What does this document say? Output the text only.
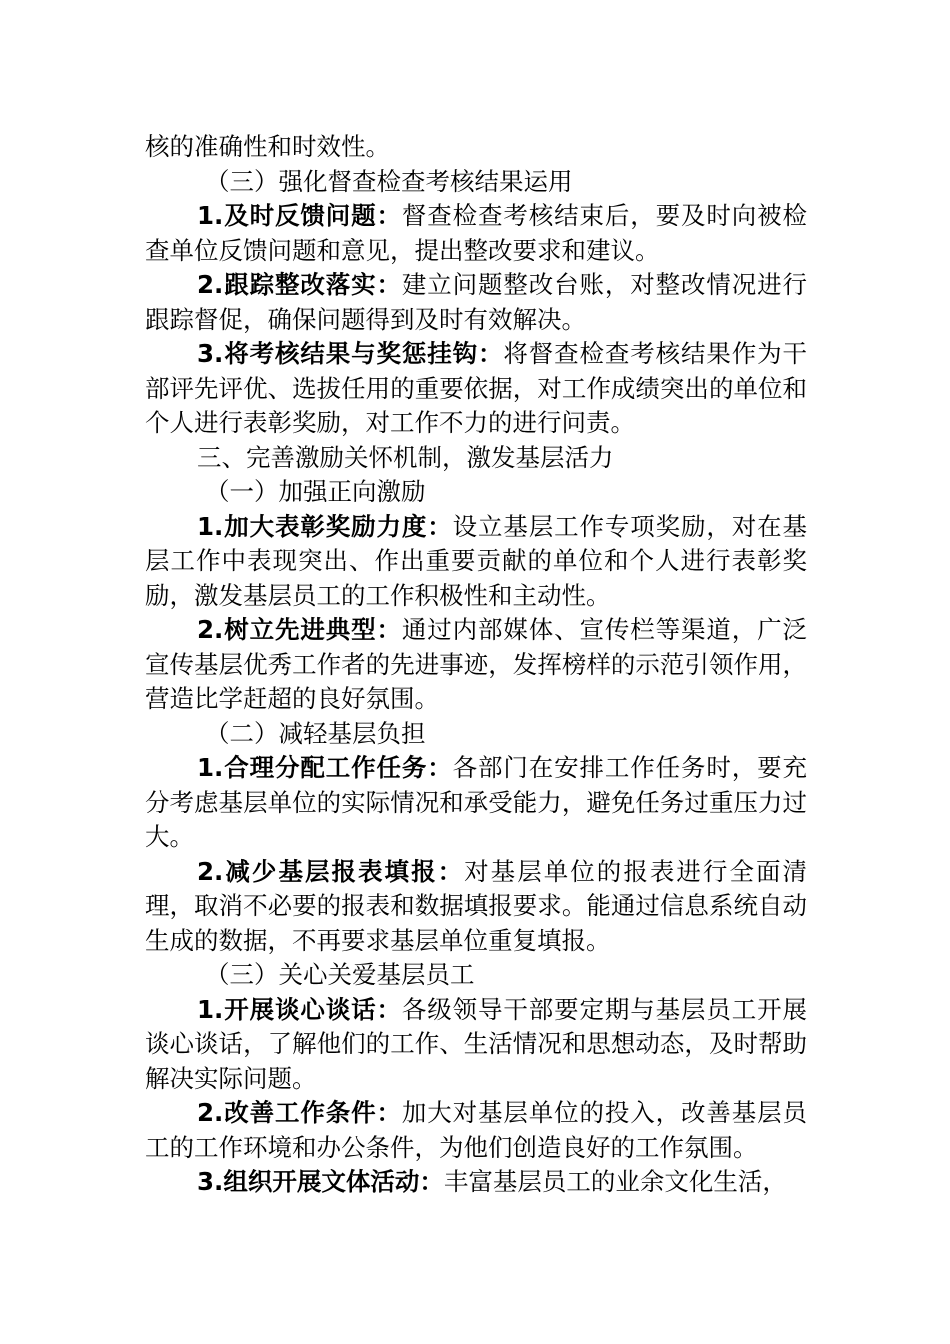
核的准确性和时效性。

（三）强化督查检查考核结果运用

1.及时反馈问题：督查检查考核结束后，要及时向被检查单位反馈问题和意见，提出整改要求和建议。

2.跟踪整改落实：建立问题整改台账，对整改情况进行跟踪督促，确保问题得到及时有效解决。

3.将考核结果与奖惩挂钩：将督查检查考核结果作为干部评先评优、选拔任用的重要依据，对工作成绩突出的单位和个人进行表彰奖励，对工作不力的进行问责。

三、完善激励关怀机制，激发基层活力

（一）加强正向激励

1.加大表彰奖励力度：设立基层工作专项奖励，对在基层工作中表现突出、作出重要贡献的单位和个人进行表彰奖励，激发基层员工的工作积极性和主动性。

2.树立先进典型：通过内部媒体、宣传栏等渠道，广泛宣传基层优秀工作者的先进事迹，发挥榜样的示范引领作用，营造比学赶超的良好氛围。

（二）减轻基层负担

1.合理分配工作任务：各部门在安排工作任务时，要充分考虑基层单位的实际情况和承受能力，避免任务过重压力过大。

2.减少基层报表填报：对基层单位的报表进行全面清理，取消不必要的报表和数据填报要求。能通过信息系统自动生成的数据，不再要求基层单位重复填报。

（三）关心关爱基层员工

1.开展谈心谈话：各级领导干部要定期与基层员工开展谈心谈话，了解他们的工作、生活情况和思想动态，及时帮助解决实际问题。

2.改善工作条件：加大对基层单位的投入，改善基层员工的工作环境和办公条件，为他们创造良好的工作氛围。

3.组织开展文体活动：丰富基层员工的业余文化生活，
